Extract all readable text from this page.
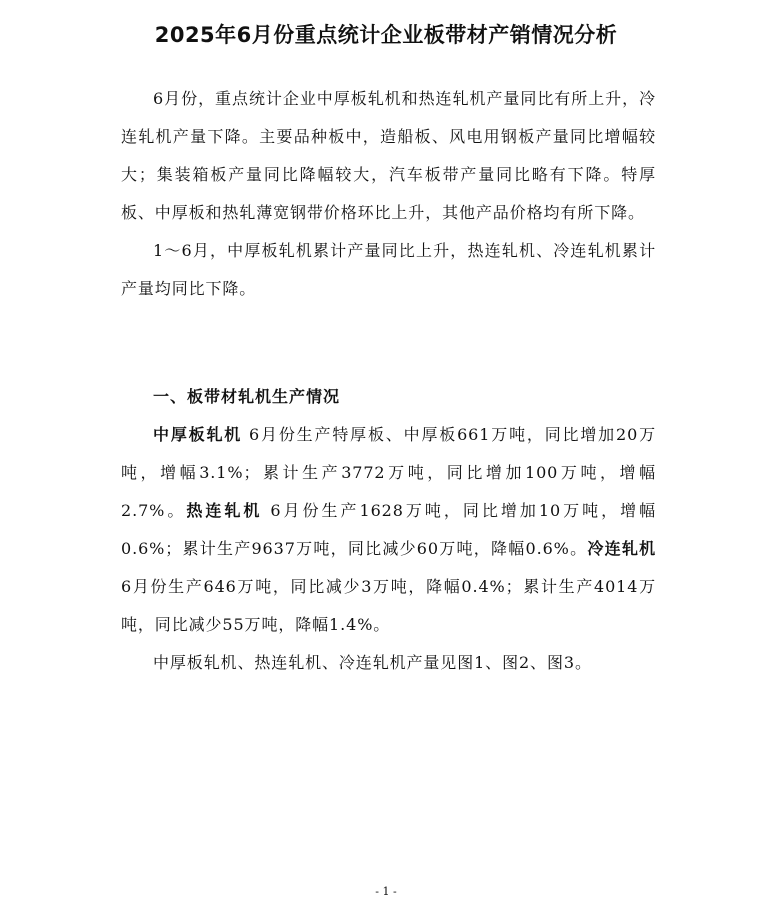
2025年6月份重点统计企业板带材产销情况分析

6月份，重点统计企业中厚板轧机和热连轧机产量同比有所上升，冷连轧机产量下降。主要品种板中，造船板、风电用钢板产量同比增幅较大；集装箱板产量同比降幅较大，汽车板带产量同比略有下降。特厚板、中厚板和热轧薄宽钢带价格环比上升，其他产品价格均有所下降。

1～6月，中厚板轧机累计产量同比上升，热连轧机、冷连轧机累计产量均同比下降。

一、板带材轧机生产情况

中厚板轧机 6月份生产特厚板、中厚板661万吨，同比增加20万吨，增幅3.1%；累计生产3772万吨，同比增加100万吨，增幅2.7%。热连轧机 6月份生产1628万吨，同比增加10万吨，增幅0.6%；累计生产9637万吨，同比减少60万吨，降幅0.6%。冷连轧机 6月份生产646万吨，同比减少3万吨，降幅0.4%；累计生产4014万吨，同比减少55万吨，降幅1.4%。

中厚板轧机、热连轧机、冷连轧机产量见图1、图2、图3。

- 1 -
